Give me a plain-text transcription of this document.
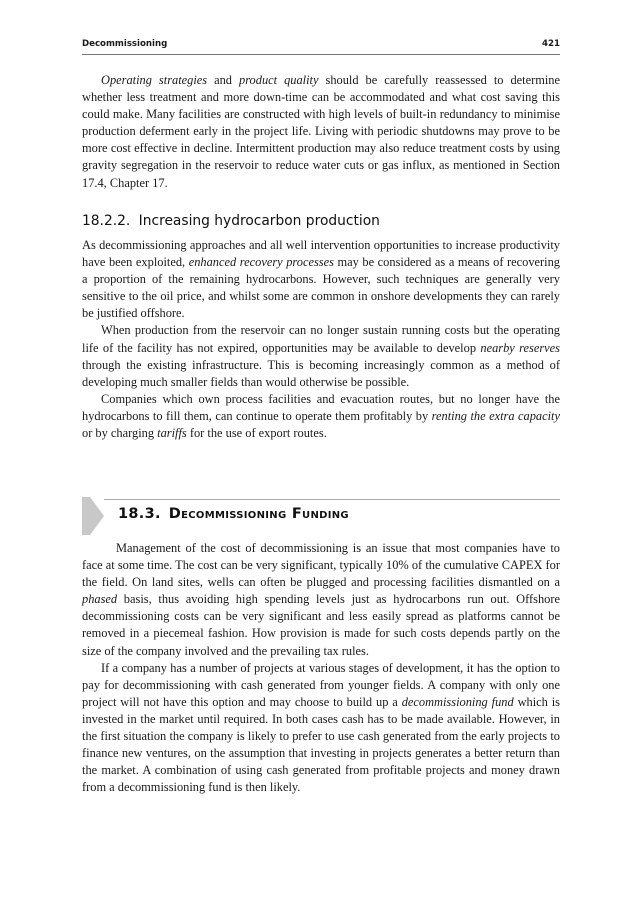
Decommissioning	421

Operating strategies and product quality should be carefully reassessed to determine whether less treatment and more down-time can be accommodated and what cost saving this could make. Many facilities are constructed with high levels of built-in redundancy to minimise production deferment early in the project life. Living with periodic shutdowns may prove to be more cost effective in decline. Intermittent production may also reduce treatment costs by using gravity segregation in the reservoir to reduce water cuts or gas influx, as mentioned in Section 17.4, Chapter 17.

18.2.2. Increasing hydrocarbon production

As decommissioning approaches and all well intervention opportunities to increase productivity have been exploited, enhanced recovery processes may be considered as a means of recovering a proportion of the remaining hydrocarbons. However, such techniques are generally very sensitive to the oil price, and whilst some are common in onshore developments they can rarely be justified offshore.

When production from the reservoir can no longer sustain running costs but the operating life of the facility has not expired, opportunities may be available to develop nearby reserves through the existing infrastructure. This is becoming increasingly common as a method of developing much smaller fields than would otherwise be possible.

Companies which own process facilities and evacuation routes, but no longer have the hydrocarbons to fill them, can continue to operate them profitably by renting the extra capacity or by charging tariffs for the use of export routes.

18.3. Decommissioning Funding

Management of the cost of decommissioning is an issue that most companies have to face at some time. The cost can be very significant, typically 10% of the cumulative CAPEX for the field. On land sites, wells can often be plugged and processing facilities dismantled on a phased basis, thus avoiding high spending levels just as hydrocarbons run out. Offshore decommissioning costs can be very significant and less easily spread as platforms cannot be removed in a piecemeal fashion. How provision is made for such costs depends partly on the size of the company involved and the prevailing tax rules.

If a company has a number of projects at various stages of development, it has the option to pay for decommissioning with cash generated from younger fields. A company with only one project will not have this option and may choose to build up a decommissioning fund which is invested in the market until required. In both cases cash has to be made available. However, in the first situation the company is likely to prefer to use cash generated from the early projects to finance new ventures, on the assumption that investing in projects generates a better return than the market. A combination of using cash generated from profitable projects and money drawn from a decommissioning fund is then likely.
